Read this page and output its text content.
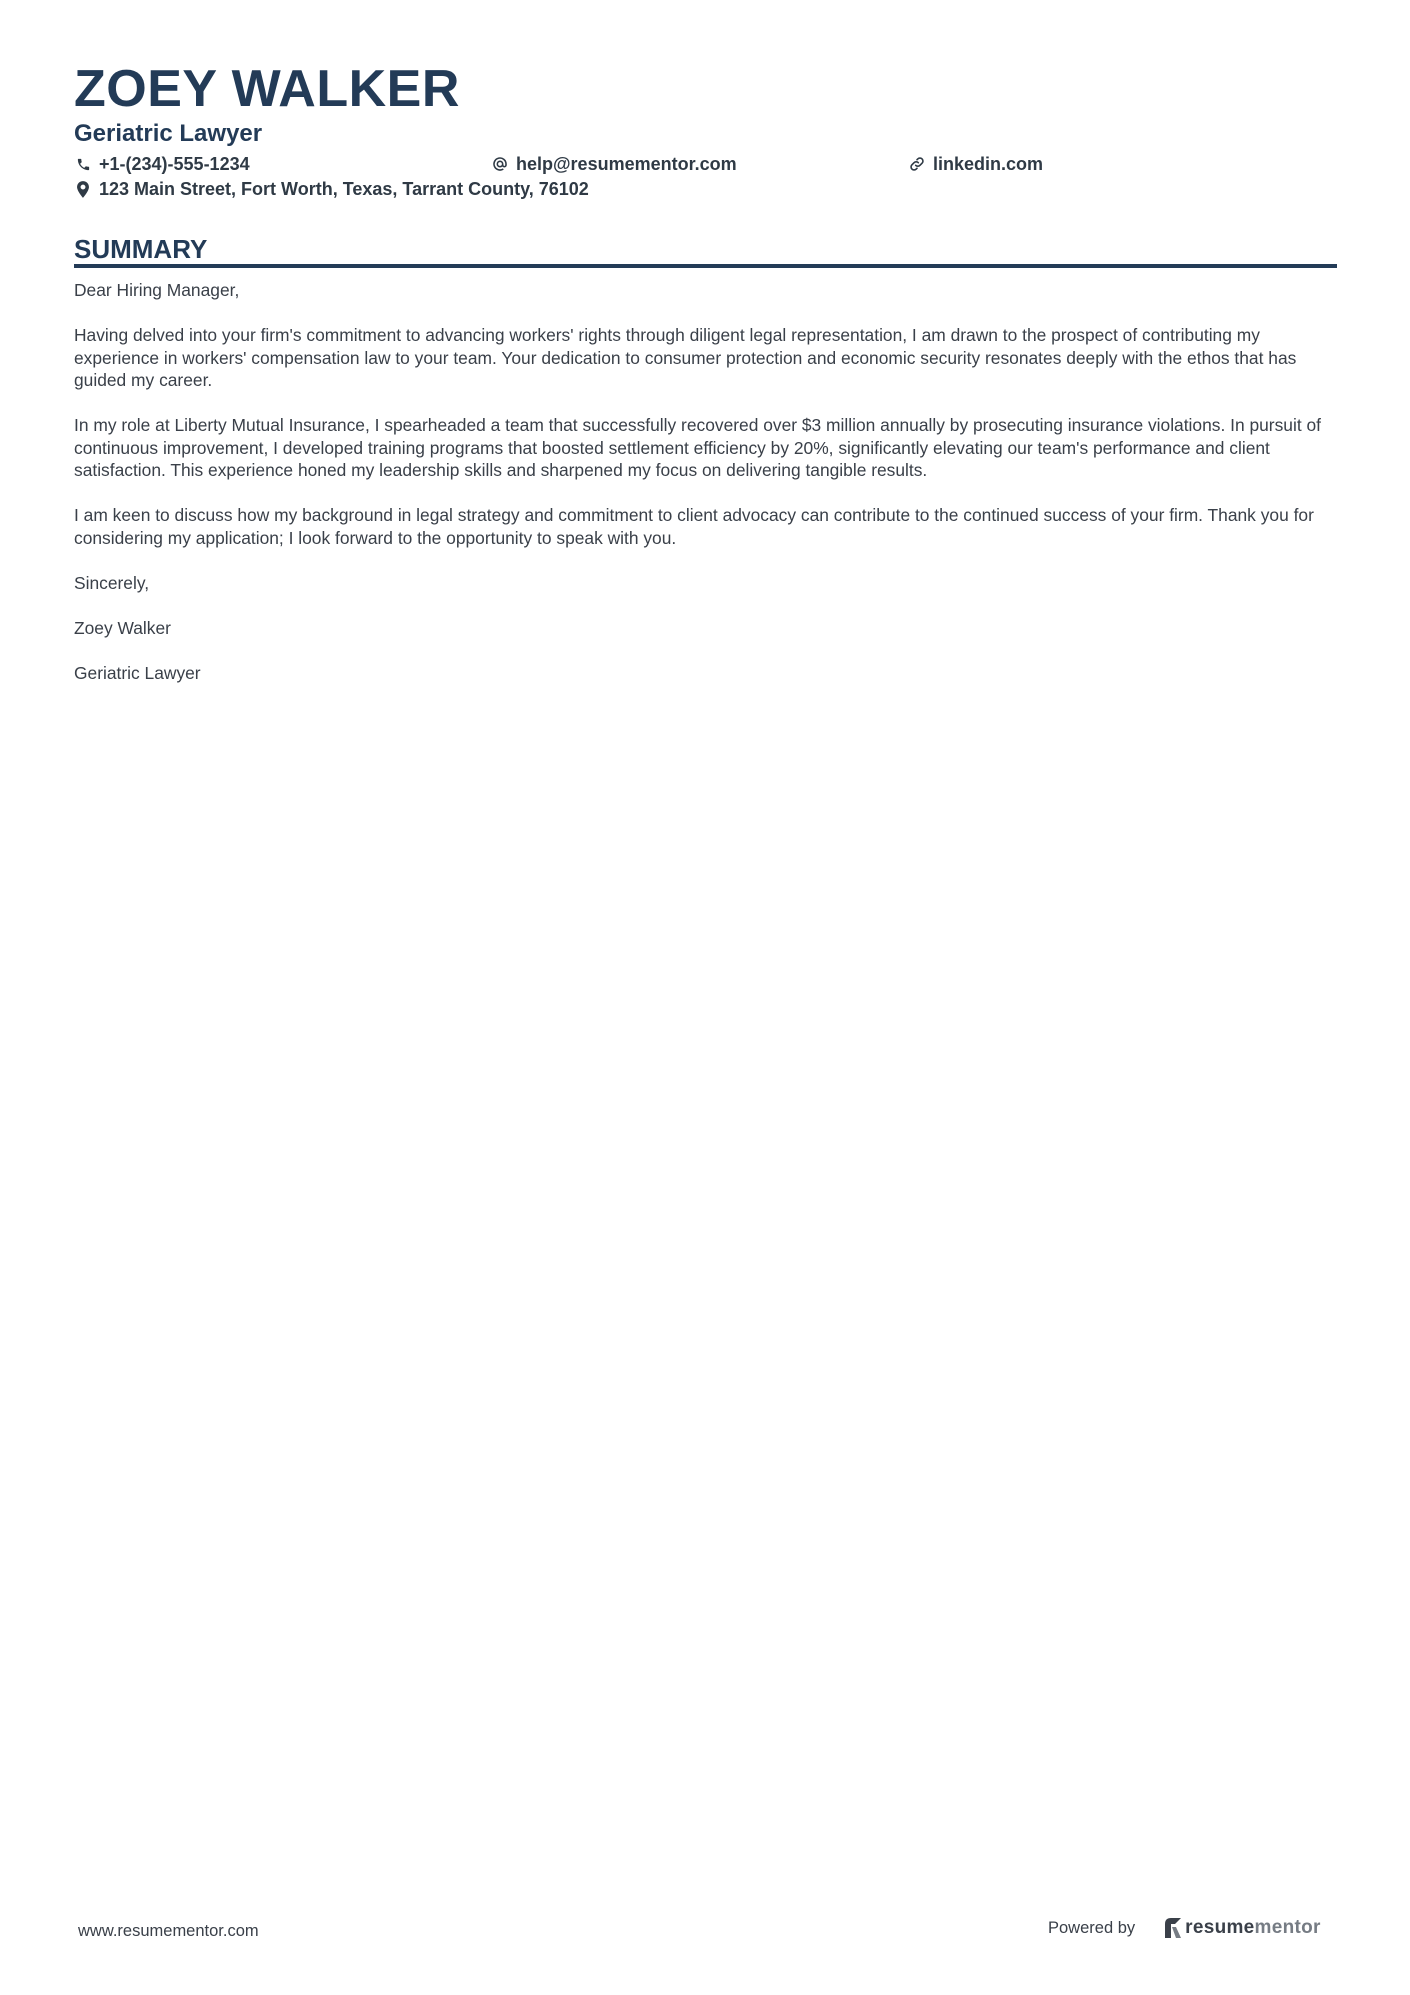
ZOEY WALKER
Geriatric Lawyer
+1-(234)-555-1234	help@resumementor.com	linkedin.com
123 Main Street, Fort Worth, Texas, Tarrant County, 76102
SUMMARY

Dear Hiring Manager,

Having delved into your firm's commitment to advancing workers' rights through diligent legal representation, I am drawn to the prospect of contributing my experience in workers' compensation law to your team. Your dedication to consumer protection and economic security resonates deeply with the ethos that has guided my career.

In my role at Liberty Mutual Insurance, I spearheaded a team that successfully recovered over $3 million annually by prosecuting insurance violations. In pursuit of continuous improvement, I developed training programs that boosted settlement efficiency by 20%, significantly elevating our team's performance and client satisfaction. This experience honed my leadership skills and sharpened my focus on delivering tangible results.

I am keen to discuss how my background in legal strategy and commitment to client advocacy can contribute to the continued success of your firm. Thank you for considering my application; I look forward to the opportunity to speak with you.

Sincerely,

Zoey Walker

Geriatric Lawyer

www.resumementor.com	Powered by	resume mentor
